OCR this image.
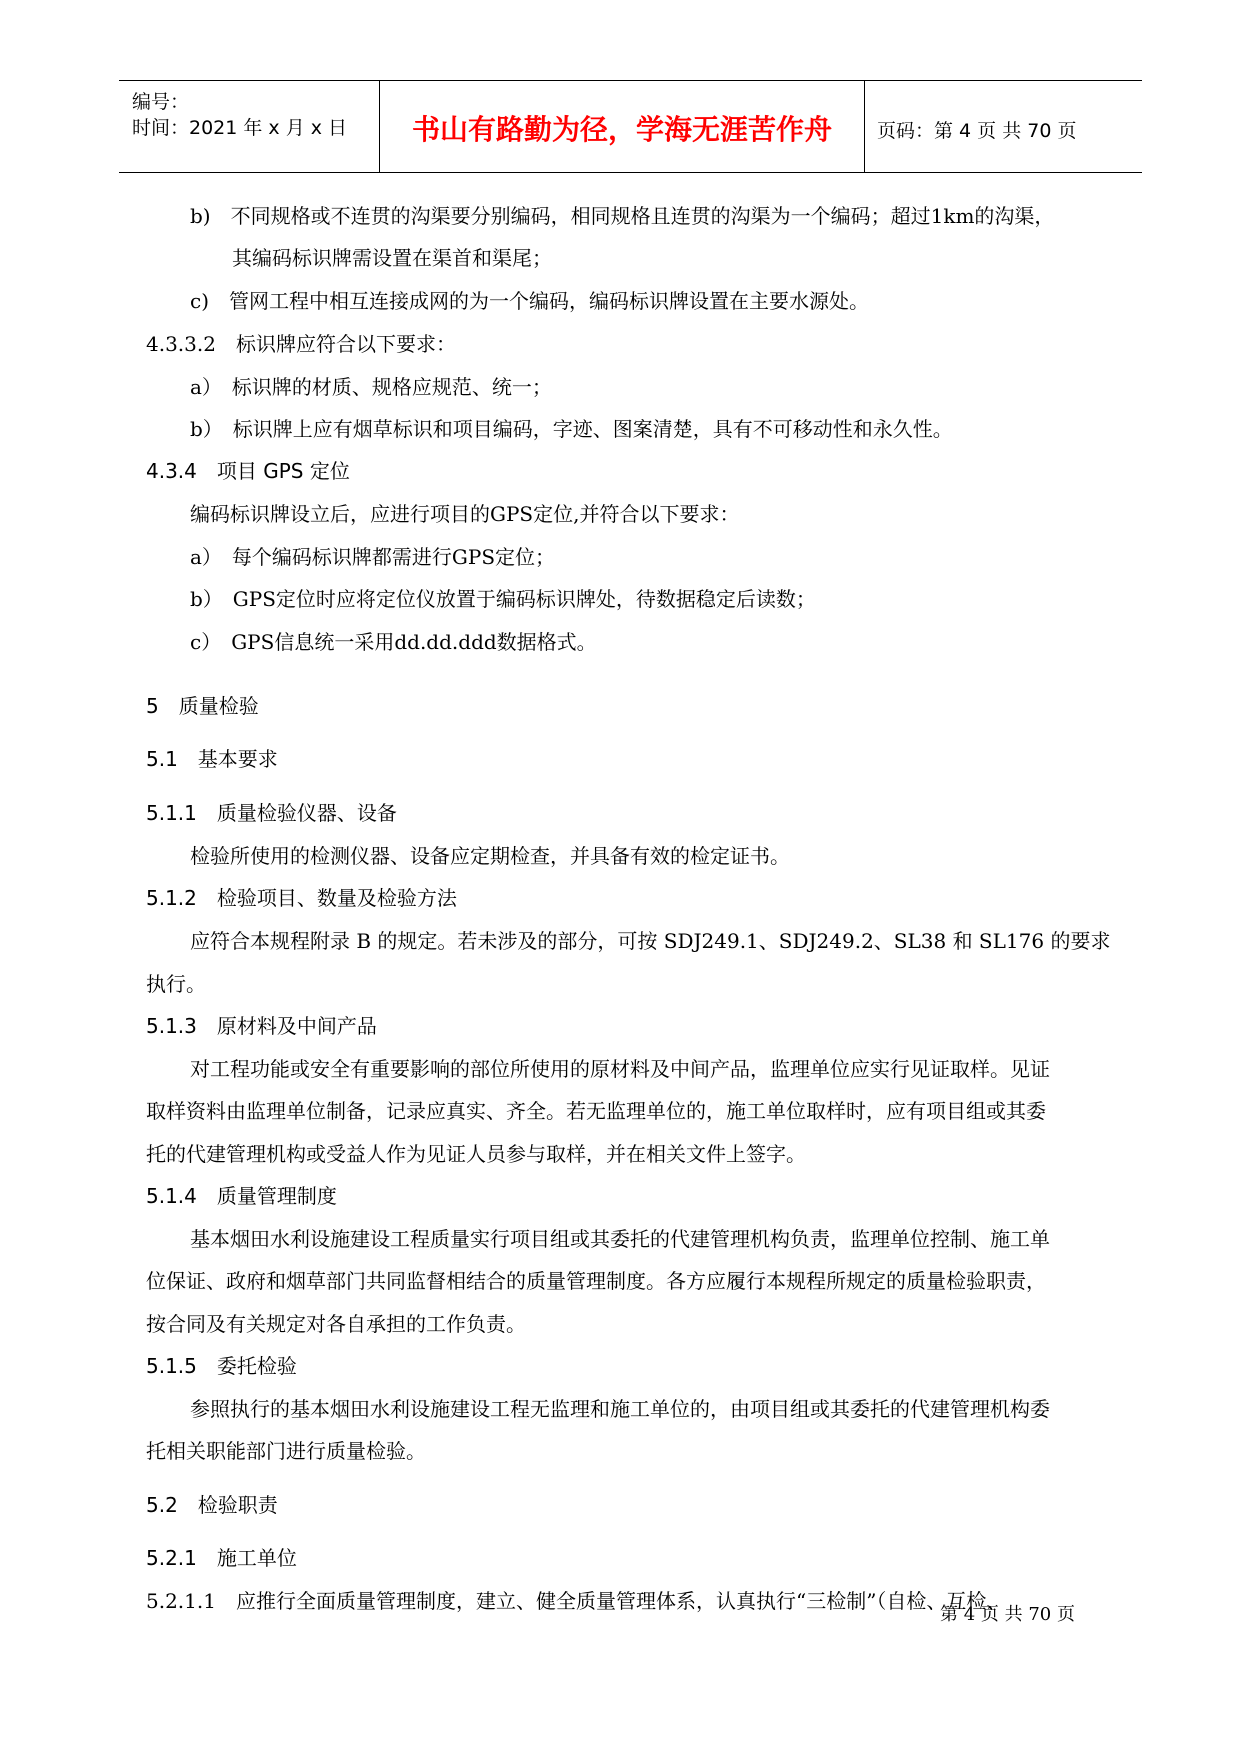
编号：
时间：2021 年 x 月 x 日	书山有路勤为径，学海无涯苦作舟	页码：第 4 页 共 70 页
b)　不同规格或不连贯的沟渠要分别编码，相同规格且连贯的沟渠为一个编码；超过1km的沟渠，
其编码标识牌需设置在渠首和渠尾；
c)　管网工程中相互连接成网的为一个编码，编码标识牌设置在主要水源处。
4.3.3.2　标识牌应符合以下要求：
a）　标识牌的材质、规格应规范、统一；
b）　标识牌上应有烟草标识和项目编码，字迹、图案清楚，具有不可移动性和永久性。
4.3.4　项目 GPS 定位
编码标识牌设立后，应进行项目的GPS定位,并符合以下要求：
a）　每个编码标识牌都需进行GPS定位；
b）　GPS定位时应将定位仪放置于编码标识牌处，待数据稳定后读数；
c）　GPS信息统一采用dd.dd.ddd数据格式。
5　质量检验
5.1　基本要求
5.1.1　质量检验仪器、设备
检验所使用的检测仪器、设备应定期检查，并具备有效的检定证书。
5.1.2　检验项目、数量及检验方法
应符合本规程附录 B 的规定。若未涉及的部分，可按 SDJ249.1、SDJ249.2、SL38 和 SL176 的要求
执行。
5.1.3　原材料及中间产品
对工程功能或安全有重要影响的部位所使用的原材料及中间产品，监理单位应实行见证取样。见证
取样资料由监理单位制备，记录应真实、齐全。若无监理单位的，施工单位取样时，应有项目组或其委
托的代建管理机构或受益人作为见证人员参与取样，并在相关文件上签字。
5.1.4　质量管理制度
基本烟田水利设施建设工程质量实行项目组或其委托的代建管理机构负责，监理单位控制、施工单
位保证、政府和烟草部门共同监督相结合的质量管理制度。各方应履行本规程所规定的质量检验职责，
按合同及有关规定对各自承担的工作负责。
5.1.5　委托检验
参照执行的基本烟田水利设施建设工程无监理和施工单位的，由项目组或其委托的代建管理机构委
托相关职能部门进行质量检验。
5.2　检验职责
5.2.1　施工单位
5.2.1.1　应推行全面质量管理制度，建立、健全质量管理体系，认真执行“三检制”（自检、互检、
第 4 页 共 70 页
